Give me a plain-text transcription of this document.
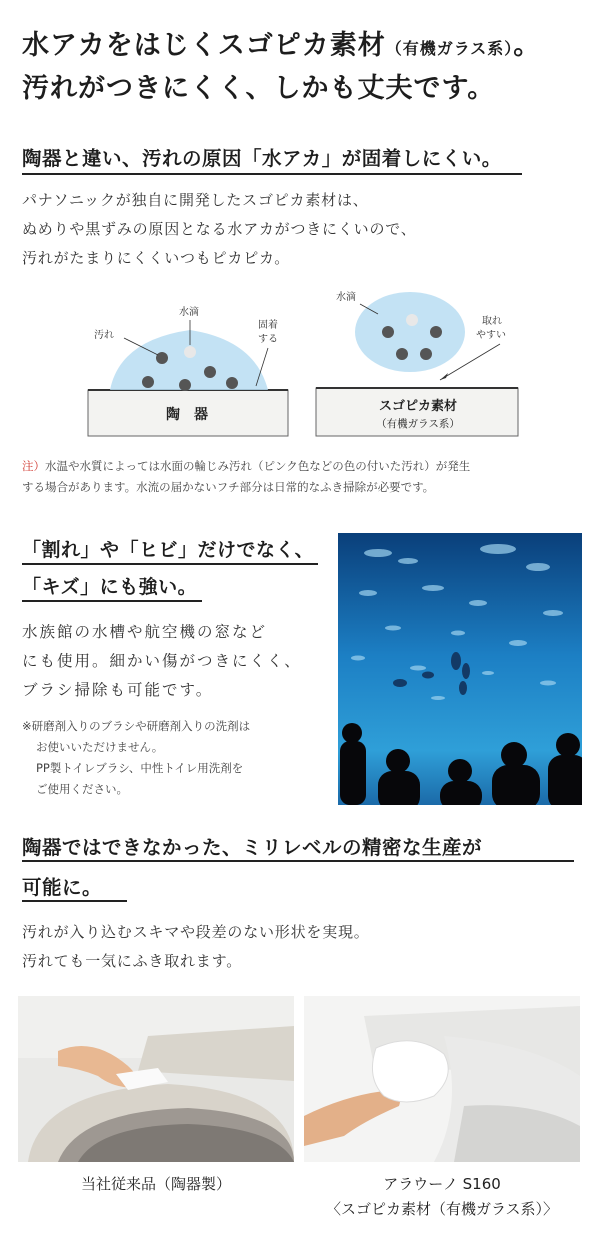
水アカをはじくスゴピカ素材（有機ガラス系）。
汚れがつきにくく、しかも丈夫です。
陶器と違い、汚れの原因「水アカ」が固着しにくい。
パナソニックが独自に開発したスゴピカ素材は、
ぬめりや黒ずみの原因となる水アカがつきにくいので、
汚れがたまりにくくいつもピカピカ。
汚れ
水滴
固着
する
陶　器
水滴
取れ
やすい
スゴピカ素材
（有機ガラス系）
注）水温や水質によっては水面の輪じみ汚れ（ピンク色などの色の付いた汚れ）が発生
する場合があります。水流の届かないフチ部分は日常的なふき掃除が必要です。
「割れ」や「ヒビ」だけでなく、
「キズ」にも強い。
水族館の水槽や航空機の窓など
にも使用。細かい傷がつきにくく、
ブラシ掃除も可能です。
※研磨剤入りのブラシや研磨剤入りの洗剤は
お使いいただけません。
PP製トイレブラシ、中性トイレ用洗剤を
ご使用ください。
陶器ではできなかった、ミリレベルの精密な生産が
可能に。
汚れが入り込むスキマや段差のない形状を実現。
汚れても一気にふき取れます。
当社従来品（陶器製）	アラウーノ S160
〈スゴピカ素材（有機ガラス系）〉
